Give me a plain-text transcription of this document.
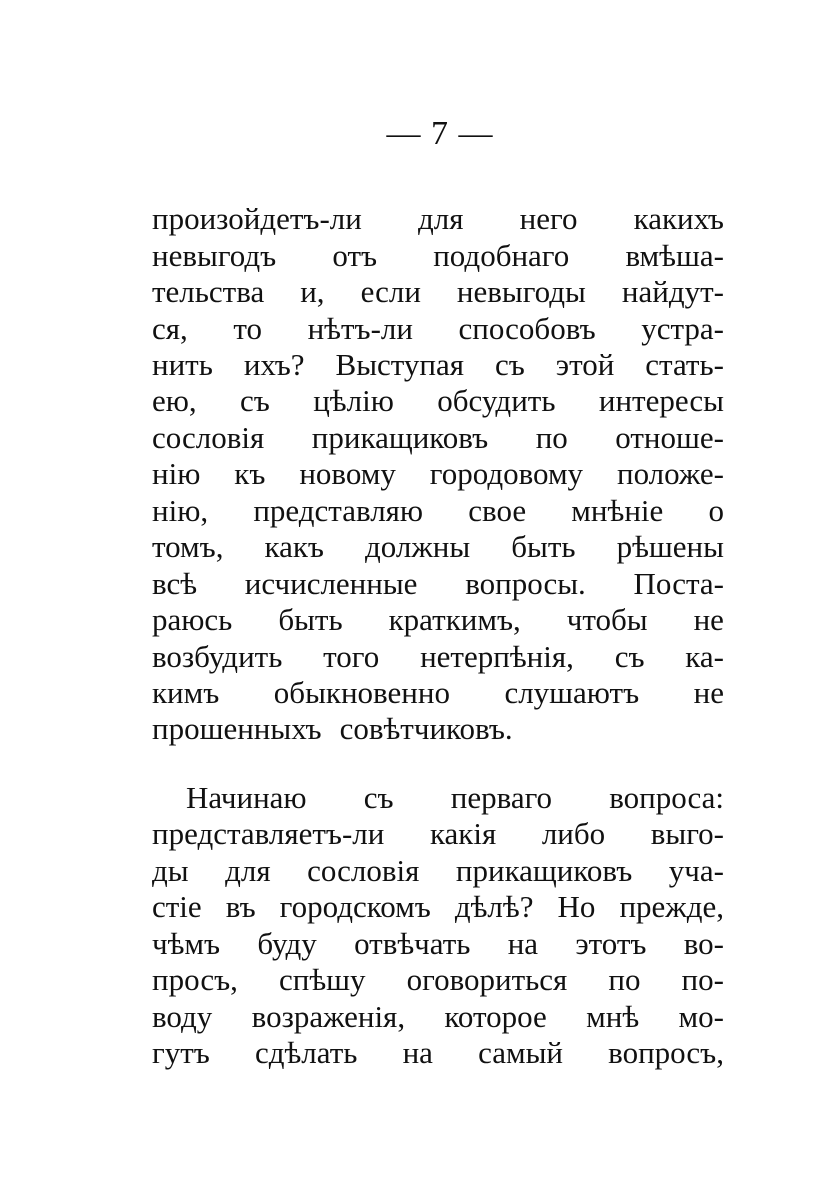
— 7 —
произойдетъ-ли для него какихъ
невыгодъ отъ подобнаго вмѣша-
тельства и, если невыгоды найдут-
ся, то нѣтъ-ли способовъ устра-
нить ихъ? Выступая съ этой стать-
ею, съ цѣлію обсудить интересы
сословія прикащиковъ по отноше-
нію къ новому городовому положе-
нію, представляю свое мнѣніе о
томъ, какъ должны быть рѣшены
всѣ исчисленные вопросы. Поста-
раюсь быть краткимъ, чтобы не
возбудить того нетерпѣнія, съ ка-
кимъ обыкновенно слушаютъ не
прошенныхъ совѣтчиковъ.
Начинаю съ перваго вопроса:
представляетъ-ли какія либо выго-
ды для сословія прикащиковъ уча-
стіе въ городскомъ дѣлѣ? Но прежде,
чѣмъ буду отвѣчать на этотъ во-
просъ, спѣшу оговориться по по-
воду возраженія, которое мнѣ мо-
гутъ сдѣлать на самый вопросъ,
